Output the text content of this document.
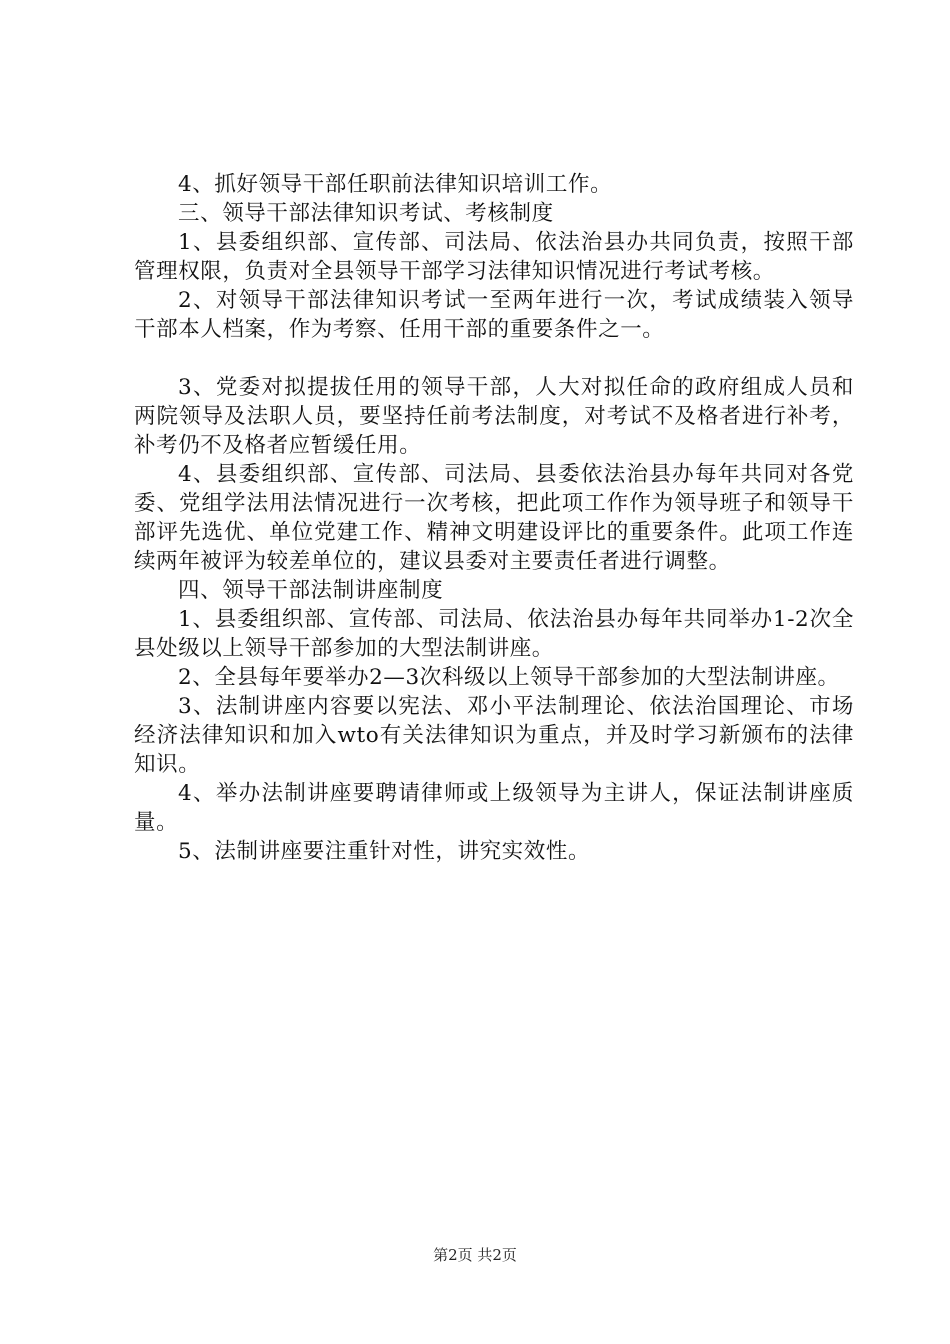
4、抓好领导干部任职前法律知识培训工作。

三、领导干部法律知识考试、考核制度

1、县委组织部、宣传部、司法局、依法治县办共同负责，按照干部管理权限，负责对全县领导干部学习法律知识情况进行考试考核。

2、对领导干部法律知识考试一至两年进行一次，考试成绩装入领导干部本人档案，作为考察、任用干部的重要条件之一。

3、党委对拟提拔任用的领导干部，人大对拟任命的政府组成人员和两院领导及法职人员，要坚持任前考法制度，对考试不及格者进行补考，补考仍不及格者应暂缓任用。

4、县委组织部、宣传部、司法局、县委依法治县办每年共同对各党委、党组学法用法情况进行一次考核，把此项工作作为领导班子和领导干部评先选优、单位党建工作、精神文明建设评比的重要条件。此项工作连续两年被评为较差单位的，建议县委对主要责任者进行调整。

四、领导干部法制讲座制度

1、县委组织部、宣传部、司法局、依法治县办每年共同举办1-2次全县处级以上领导干部参加的大型法制讲座。

2、全县每年要举办2—3次科级以上领导干部参加的大型法制讲座。

3、法制讲座内容要以宪法、邓小平法制理论、依法治国理论、市场经济法律知识和加入wto有关法律知识为重点，并及时学习新颁布的法律知识。

4、举办法制讲座要聘请律师或上级领导为主讲人，保证法制讲座质量。

5、法制讲座要注重针对性，讲究实效性。

第2页 共2页
